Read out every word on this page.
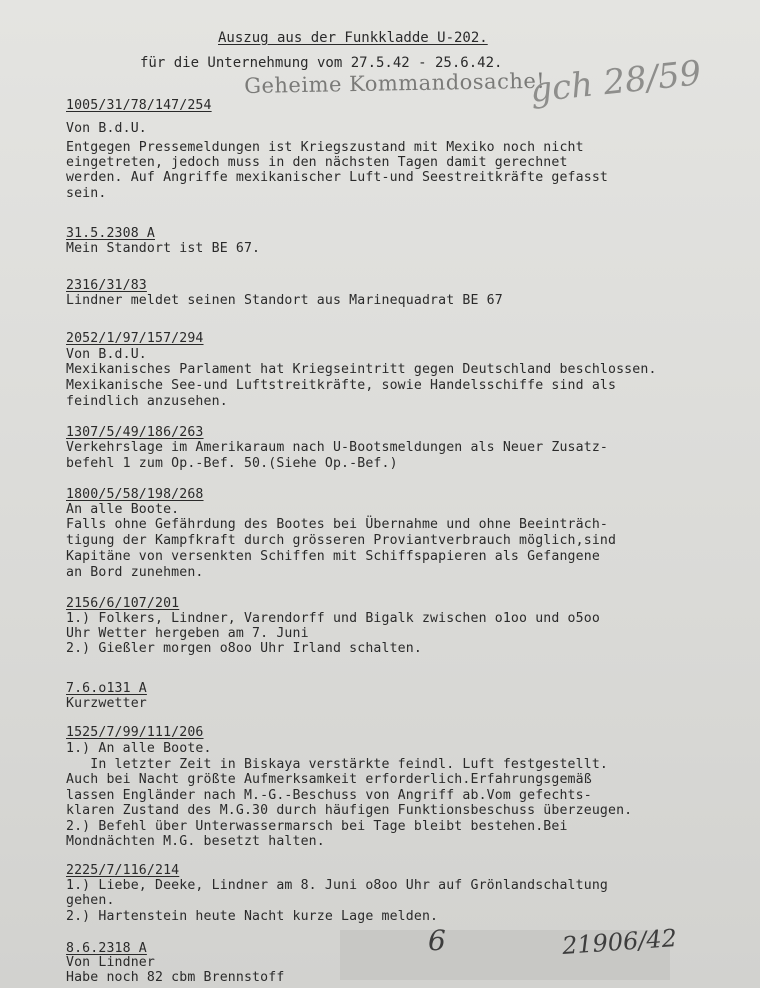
Auszug aus der Funkkladde U-202.
für die Unternehmung vom 27.5.42 - 25.6.42.
Geheime Kommandosache!
gch 28/59
1005/31/78/147/254
Von B.d.U.
Entgegen Pressemeldungen ist Kriegszustand mit Mexiko noch nicht
eingetreten, jedoch muss in den nächsten Tagen damit gerechnet
werden. Auf Angriffe mexikanischer Luft-und Seestreitkräfte gefasst
sein.
31.5.2308 A
Mein Standort ist BE 67.
2316/31/83
Lindner meldet seinen Standort aus Marinequadrat BE 67
2052/1/97/157/294
Von B.d.U.
Mexikanisches Parlament hat Kriegseintritt gegen Deutschland beschlossen.
Mexikanische See-und Luftstreitkräfte, sowie Handelsschiffe sind als
feindlich anzusehen.
1307/5/49/186/263
Verkehrslage im Amerikaraum nach U-Bootsmeldungen als Neuer Zusatz-
befehl 1 zum Op.-Bef. 50.(Siehe Op.-Bef.)
1800/5/58/198/268
An alle Boote.
Falls ohne Gefährdung des Bootes bei Übernahme und ohne Beeinträch-
tigung der Kampfkraft durch grösseren Proviantverbrauch möglich,sind
Kapitäne von versenkten Schiffen mit Schiffspapieren als Gefangene
an Bord zunehmen.
2156/6/107/201
1.) Folkers, Lindner, Varendorff und Bigalk zwischen o1oo und o5oo
Uhr Wetter hergeben am 7. Juni
2.) Gießler morgen o8oo Uhr Irland schalten.
7.6.o131 A
Kurzwetter
1525/7/99/111/206
1.) An alle Boote.
In letzter Zeit in Biskaya verstärkte feindl. Luft festgestellt.
Auch bei Nacht größte Aufmerksamkeit erforderlich.Erfahrungsgemäß
lassen Engländer nach M.-G.-Beschuss von Angriff ab.Vom gefechts-
klaren Zustand des M.G.30 durch häufigen Funktionsbeschuss überzeugen.
2.) Befehl über Unterwassermarsch bei Tage bleibt bestehen.Bei
Mondnächten M.G. besetzt halten.
2225/7/116/214
1.) Liebe, Deeke, Lindner am 8. Juni o8oo Uhr auf Grönlandschaltung
gehen.
2.) Hartenstein heute Nacht kurze Lage melden.
6	21906/42
8.6.2318 A
Von Lindner
Habe noch 82 cbm Brennstoff
